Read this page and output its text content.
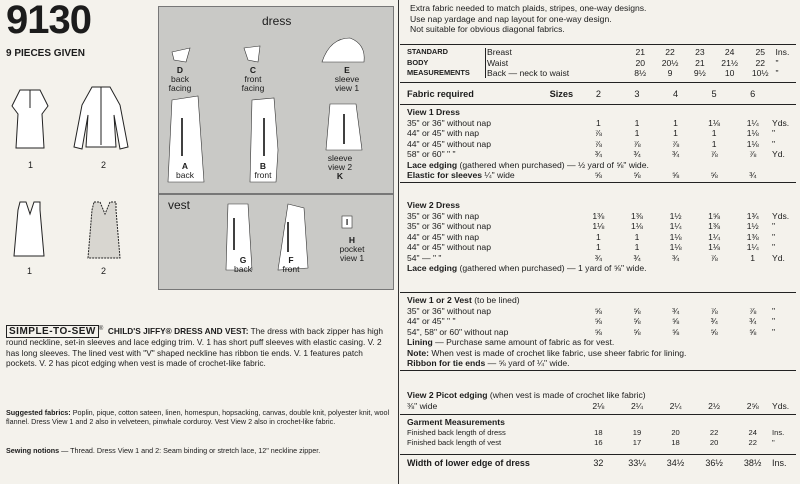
9130
9 PIECES GIVEN
1	2
1	2
dress
vest
D
back
facing
C
front
facing
E
sleeve
view 1
A
back
B
front
sleeve
view 2
K
G
back
F
front
H
pocket
view 1
I
SIMPLE-TO-SEW ® CHILD'S JIFFY® DRESS AND VEST: The dress with back zipper has high round neckline, set-in sleeves and lace edging trim. V. 1 has short puff sleeves with elastic casing. V. 2 has long sleeves. The lined vest with "V" shaped neckline has ribbon tie ends. V. 1 features patch pockets. V. 2 has picot edging when vest is made of crochet-like fabric.
Suggested fabrics: Poplin, pique, cotton sateen, linen, homespun, hopsacking, canvas, double knit, polyester knit, wool flannel. Dress View 1 and 2 also in velveteen, pinwhale corduroy. Vest View 2 also in crochet-like fabric.
Sewing notions — Thread. Dress View 1 and 2: Seam binding or stretch lace, 12" neckline zipper.
Extra fabric needed to match plaids, stripes, one-way designs.
Use nap yardage and nap layout for one-way design.
Not suitable for obvious diagonal fabrics.
STANDARD
BODY
MEASUREMENTS
Breast	21	22	23	24	25	Ins.
Waist	20	20½	21	21½	22	"
Back — neck to waist	8½	9	9½	10	10½	"
Fabric required	Sizes	2	3	4	5	6	
View 1 Dress						
35" or 36" without nap	1	1	1	1⅛	1¼	Yds.
44" or 45" with nap	⅞	1	1	1	1⅛	"
44" or 45" without nap	⅞	⅞	⅞	1	1⅛	"
58" or 60" " "	¾	¾	¾	⅞	⅞	Yd.
Lace edging (gathered when purchased) — ½ yard of ⅝" wide.						
Elastic for sleeves ¼" wide	⅝	⅝	⅝	⅝	¾	
View 2 Dress						
35" or 36" with nap	1⅜	1⅜	1½	1⅝	1¾	Yds.
35" or 36" without nap	1⅛	1⅛	1¼	1⅜	1½	"
44" or 45" with nap	1	1	1⅛	1¼	1⅜	"
44" or 45" without nap	1	1	1⅛	1⅛	1¼	"
54" — " "	¾	¾	¾	⅞	1	Yd.
Lace edging (gathered when purchased) — 1 yard of ⅝" wide.						
View 1 or 2 Vest (to be lined)						
35" or 36" without nap	⅝	⅝	¾	⅞	⅞	"
44" or 45" " "	⅝	⅝	⅝	¾	¾	"
54", 58" or 60" without nap	⅝	⅝	⅝	⅝	⅝	"
Lining — Purchase same amount of fabric as for vest.						
Note: When vest is made of crochet like fabric, use sheer fabric for lining.						
Ribbon for tie ends — ⅝ yard of ¼" wide.						
View 2 Picot edging (when vest is made of crochet like fabric)
⅜" wide	2⅛	2¼	2¼	2½	2⅝	Yds.
Garment Measurements						
Finished back length of dress	18	19	20	22	24	Ins.
Finished back length of vest	16	17	18	20	22	"
Width of lower edge of dress	32	33¼	34½	36½	38½	Ins.
